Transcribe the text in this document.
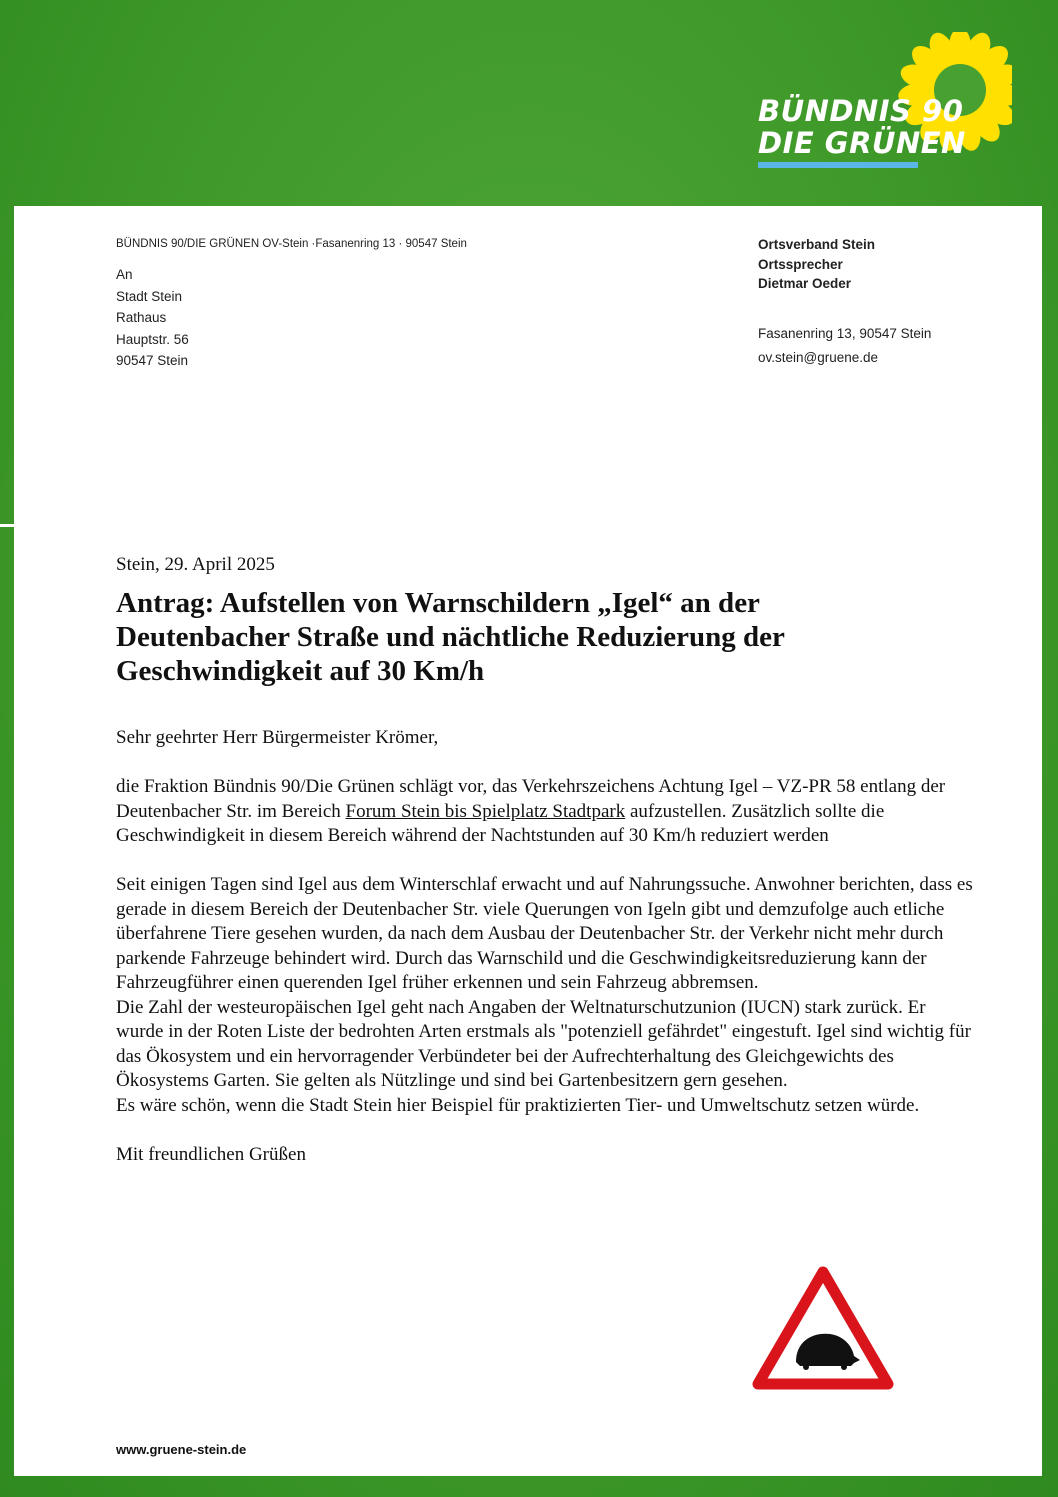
BÜNDNIS 90
DIE GRÜNEN
BÜNDNIS 90/DIE GRÜNEN OV-Stein ·Fasanenring 13 · 90547 Stein
An
Stadt Stein
Rathaus
Hauptstr. 56
90547 Stein
Ortsverband Stein
Ortssprecher
Dietmar Oeder
Fasanenring 13, 90547 Stein
ov.stein@gruene.de
Stein, 29. April 2025
Antrag: Aufstellen von Warnschildern „Igel“ an der Deutenbacher Straße und nächtliche Reduzierung der Geschwindigkeit auf 30 Km/h

Sehr geehrter Herr Bürgermeister Krömer,

die Fraktion Bündnis 90/Die Grünen schlägt vor, das Verkehrszeichens Achtung Igel – VZ-PR 58 entlang der Deutenbacher Str. im Bereich Forum Stein bis Spielplatz Stadtpark aufzustellen. Zusätzlich sollte die Geschwindigkeit in diesem Bereich während der Nachtstunden auf 30 Km/h reduziert werden

Seit einigen Tagen sind Igel aus dem Winterschlaf erwacht und auf Nahrungssuche. Anwohner berichten, dass es gerade in diesem Bereich der Deutenbacher Str. viele Querungen von Igeln gibt und demzufolge auch etliche überfahrene Tiere gesehen wurden, da nach dem Ausbau der Deutenbacher Str. der Verkehr nicht mehr durch parkende Fahrzeuge behindert wird. Durch das Warnschild und die Geschwindigkeitsreduzierung kann der Fahrzeugführer einen querenden Igel früher erkennen und sein Fahrzeug abbremsen.

Die Zahl der westeuropäischen Igel geht nach Angaben der Weltnaturschutzunion (IUCN) stark zurück. Er wurde in der Roten Liste der bedrohten Arten erstmals als "potenziell gefährdet" eingestuft. Igel sind wichtig für das Ökosystem und ein hervorragender Verbündeter bei der Aufrechterhaltung des Gleichgewichts des Ökosystems Garten. Sie gelten als Nützlinge und sind bei Gartenbesitzern gern gesehen.

Es wäre schön, wenn die Stadt Stein hier Beispiel für praktizierten Tier- und Umweltschutz setzen würde.

Mit freundlichen Grüßen

www.gruene-stein.de
